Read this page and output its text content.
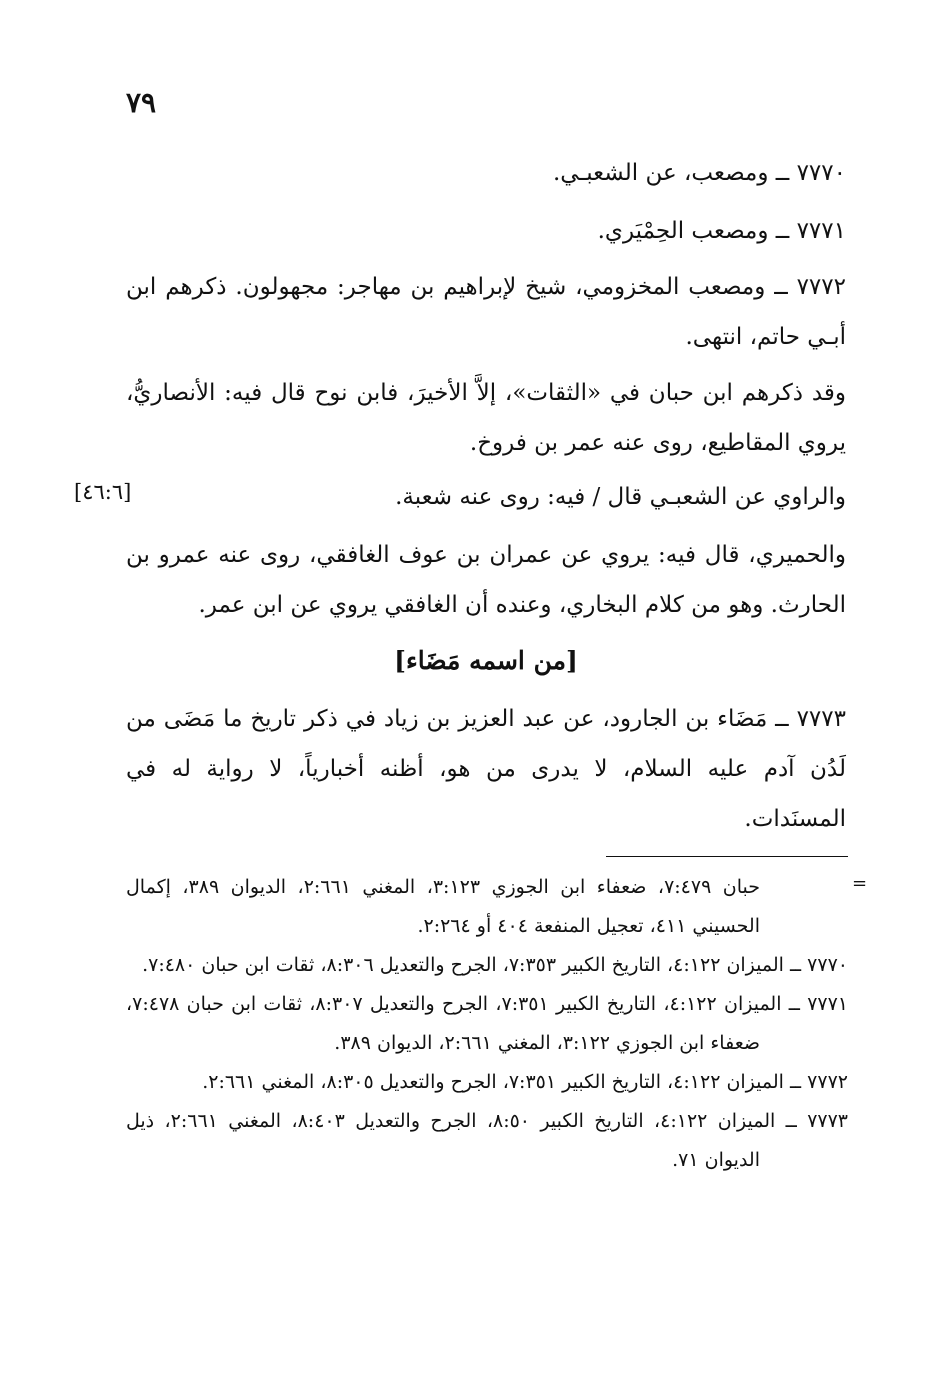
٧٩
٧٧٧٠ ــ ومصعب، عن الشعبـي.
٧٧٧١ ــ ومصعب الحِمْيَري.
٧٧٧٢ ــ ومصعب المخزومي، شيخ لإبراهيم بن مهاجر: مجهولون. ذكرهم ابن أبـي حاتم، انتهى.
وقد ذكرهم ابن حبان في «الثقات»، إلاَّ الأخيرَ، فابن نوح قال فيه: الأنصاريُّ، يروي المقاطيع، روى عنه عمر بن فروخ.
والراوي عن الشعبـي قال / فيه: روى عنه شعبة.
[٤٦:٦]
والحميري، قال فيه: يروي عن عمران بن عوف الغافقي، روى عنه عمرو بن الحارث. وهو من كلام البخاري، وعنده أن الغافقي يروي عن ابن عمر.
[من اسمه مَضَاء]
٧٧٧٣ ــ مَضَاء بن الجارود، عن عبد العزيز بن زياد في ذكر تاريخ ما مَضَى من لَدُن آدم عليه السلام، لا يدرى من هو، أظنه أخبارياً، لا رواية له في المسنَدات.
=
حبان ٧:٤٧٩، ضعفاء ابن الجوزي ٣:١٢٣، المغني ٢:٦٦١، الديوان ٣٨٩، إكمال الحسيني ٤١١، تعجيل المنفعة ٤٠٤ أو ٢:٢٦٤.
٧٧٧٠ ــ الميزان ٤:١٢٢، التاريخ الكبير ٧:٣٥٣، الجرح والتعديل ٨:٣٠٦، ثقات ابن حبان ٧:٤٨٠.
٧٧٧١ ــ الميزان ٤:١٢٢، التاريخ الكبير ٧:٣٥١، الجرح والتعديل ٨:٣٠٧، ثقات ابن حبان ٧:٤٧٨، ضعفاء ابن الجوزي ٣:١٢٢، المغني ٢:٦٦١، الديوان ٣٨٩.
٧٧٧٢ ــ الميزان ٤:١٢٢، التاريخ الكبير ٧:٣٥١، الجرح والتعديل ٨:٣٠٥، المغني ٢:٦٦١.
٧٧٧٣ ــ الميزان ٤:١٢٢، التاريخ الكبير ٨:٥٠، الجرح والتعديل ٨:٤٠٣، المغني ٢:٦٦١، ذيل الديوان ٧١.
